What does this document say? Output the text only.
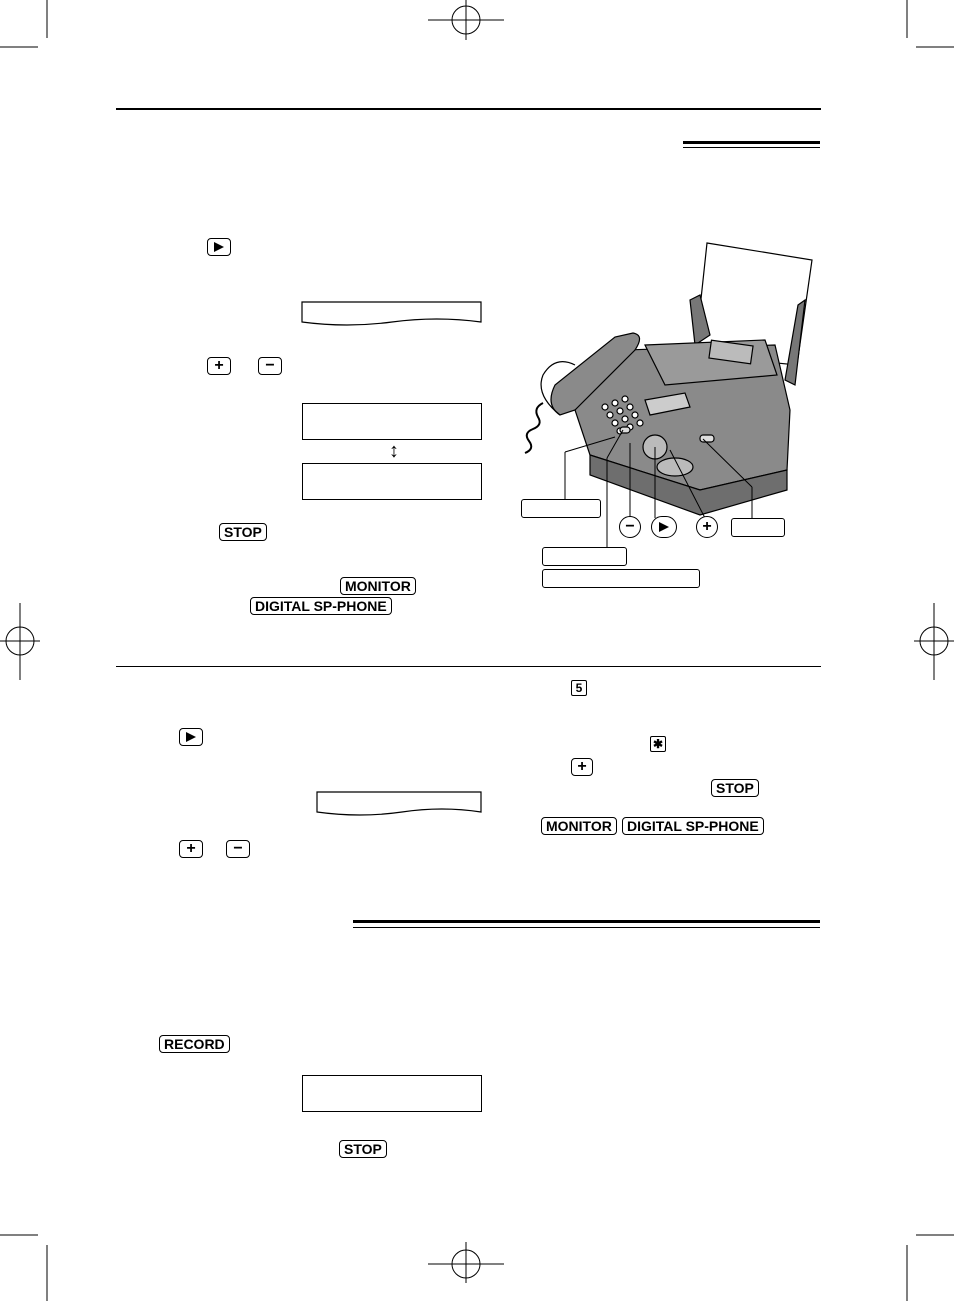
+	−
↕
STOP
MONITOR
DIGITAL SP-PHONE
−	+
+ −
5
✱
+
STOP
MONITOR	DIGITAL SP-PHONE
RECORD
STOP
